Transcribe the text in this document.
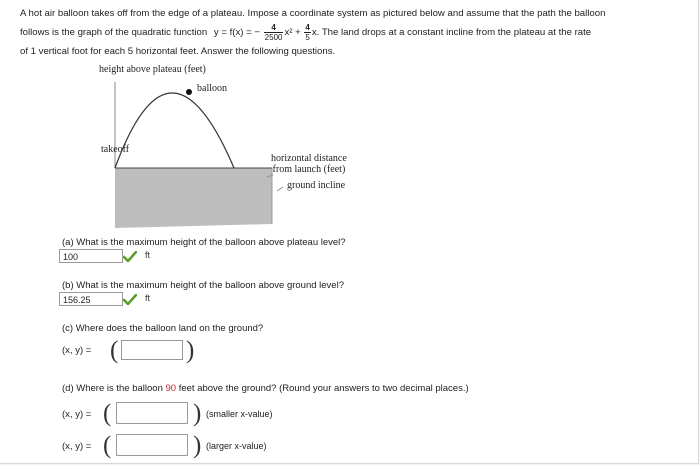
A hot air balloon takes off from the edge of a plateau. Impose a coordinate system as pictured below and assume that the path the balloon
follows is the graph of the quadratic function y = f(x) = − $\frac{4}{2500} x^2 + \frac{4}{5} x$. The land drops at a constant incline from the plateau at the rate
of 1 vertical foot for each 5 horizontal feet. Answer the following questions.
height above plateau (feet)
balloon
takeoff
horizontal distance
from launch (feet)
ground incline
(a) What is the maximum height of the balloon above plateau level?
100	ft
(b) What is the maximum height of the balloon above ground level?
156.25	ft
(c) Where does the balloon land on the ground?
(x, y) = (	)
(d) Where is the balloon 90 feet above the ground? (Round your answers to two decimal places.)
(x, y) = (	) (smaller x-value)
(x, y) = (	) (larger x-value)
